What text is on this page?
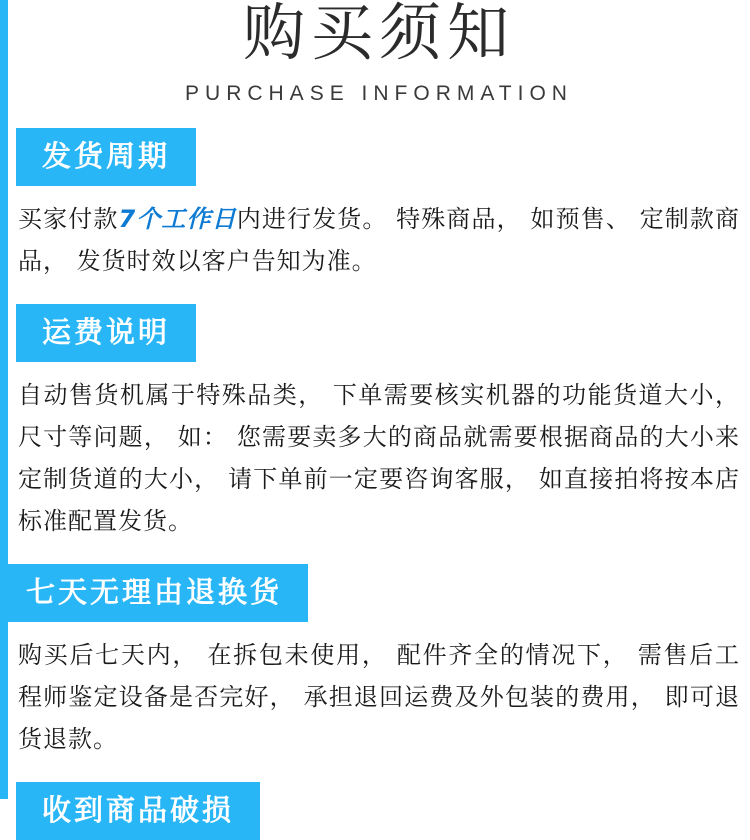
购买须知
PURCHASE INFORMATION
发货周期

买家付款7个工作日内进行发货。 特殊商品， 如预售、 定制款商品， 发货时效以客户告知为准。

运费说明

自动售货机属于特殊品类， 下单需要核实机器的功能货道大小， 尺寸等问题， 如： 您需要卖多大的商品就需要根据商品的大小来定制货道的大小， 请下单前一定要咨询客服， 如直接拍将按本店标准配置发货。

七天无理由退换货

购买后七天内， 在拆包未使用， 配件齐全的情况下， 需售后工程师鉴定设备是否完好， 承担退回运费及外包装的费用， 即可退货退款。

收到商品破损
